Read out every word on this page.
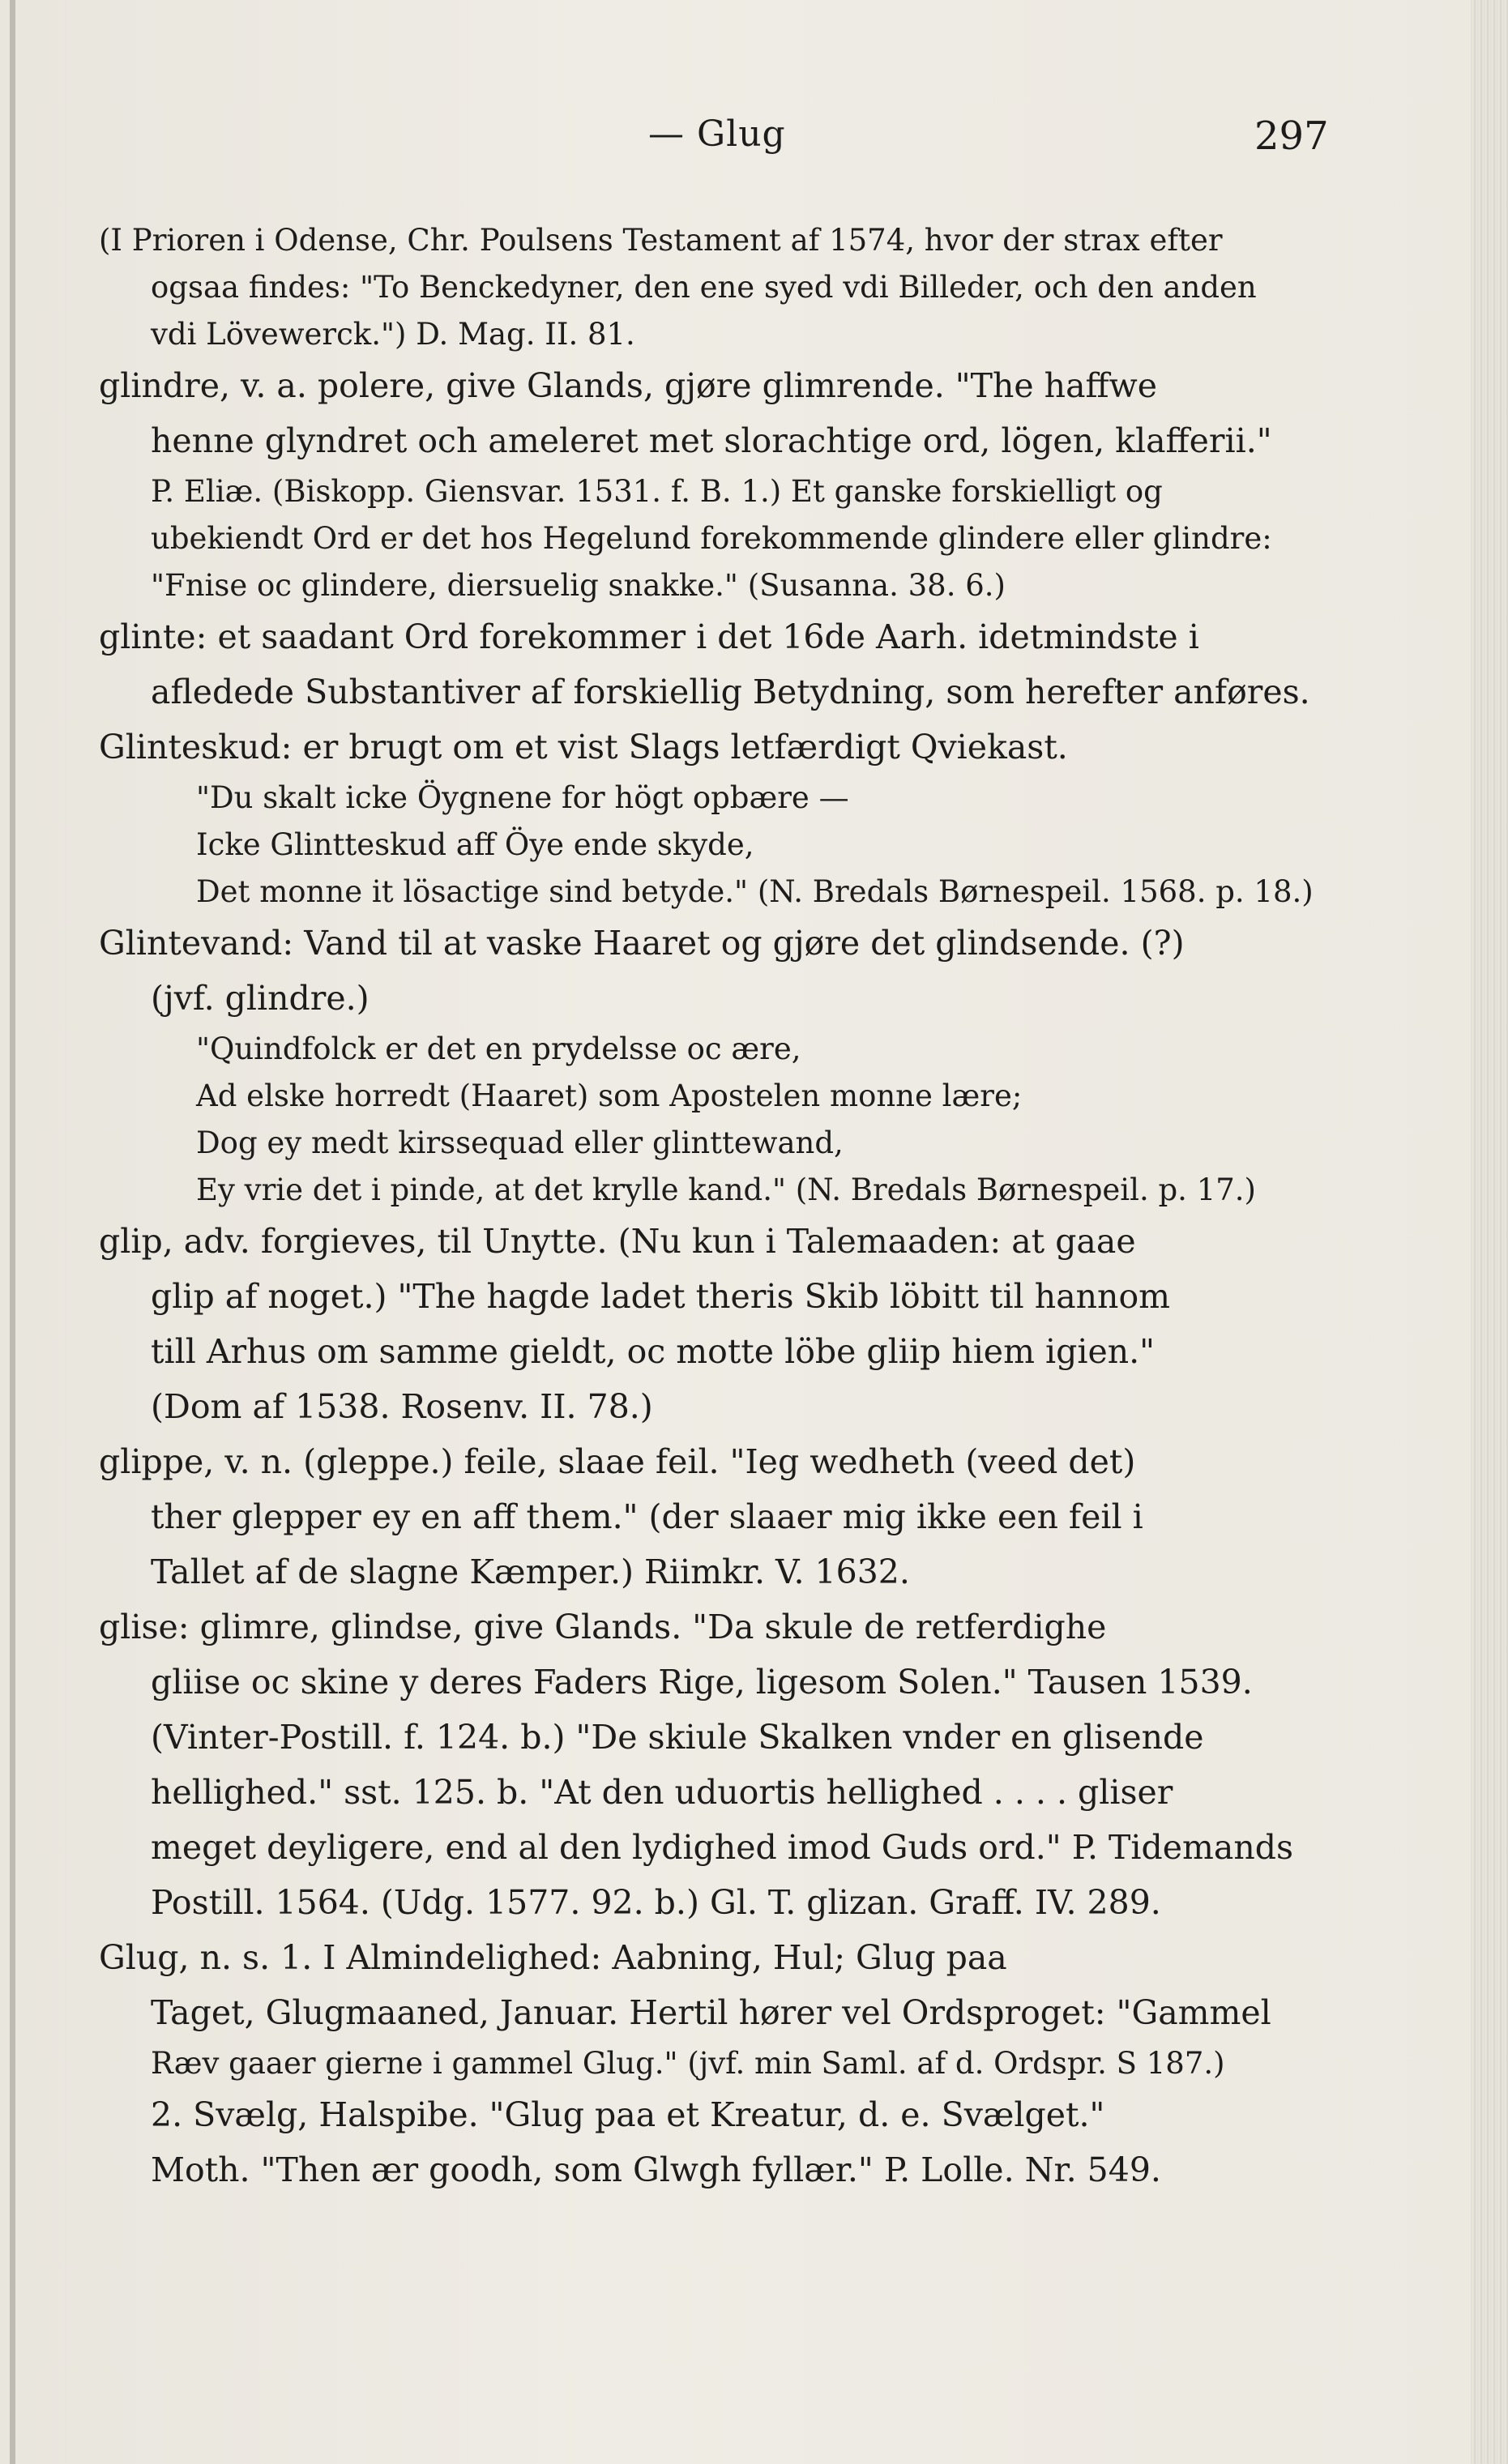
— Glug	297
(I Prioren i Odense, Chr. Poulsens Testament af 1574, hvor der strax efter
ogsaa findes: "To Benckedyner, den ene syed vdi Billeder, och den anden
vdi Lövewerck.") D. Mag. II. 81.
glindre, v. a. polere, give Glands, gjøre glimrende. "The haffwe
henne glyndret och ameleret met slorachtige ord, lögen, klafferii."
P. Eliæ. (Biskopp. Giensvar. 1531. f. B. 1.) Et ganske forskielligt og
ubekiendt Ord er det hos Hegelund forekommende glindere eller glindre:
"Fnise oc glindere, diersuelig snakke." (Susanna. 38. 6.)
glinte: et saadant Ord forekommer i det 16de Aarh. idetmindste i
afledede Substantiver af forskiellig Betydning, som herefter anføres.
Glinteskud: er brugt om et vist Slags letfærdigt Qviekast.
"Du skalt icke Öygnene for högt opbære —
Icke Glintteskud aff Öye ende skyde,
Det monne it lösactige sind betyde." (N. Bredals Børnespeil. 1568. p. 18.)
Glintevand: Vand til at vaske Haaret og gjøre det glindsende. (?)
(jvf. glindre.)
"Quindfolck er det en prydelsse oc ære,
Ad elske horredt (Haaret) som Apostelen monne lære;
Dog ey medt kirssequad eller glinttewand,
Ey vrie det i pinde, at det krylle kand." (N. Bredals Børnespeil. p. 17.)
glip, adv. forgieves, til Unytte. (Nu kun i Talemaaden: at gaae
glip af noget.) "The hagde ladet theris Skib löbitt til hannom
till Arhus om samme gieldt, oc motte löbe gliip hiem igien."
(Dom af 1538. Rosenv. II. 78.)
glippe, v. n. (gleppe.) feile, slaae feil. "Ieg wedheth (veed det)
ther glepper ey en aff them." (der slaaer mig ikke een feil i
Tallet af de slagne Kæmper.) Riimkr. V. 1632.
glise: glimre, glindse, give Glands. "Da skule de retferdighe
gliise oc skine y deres Faders Rige, ligesom Solen." Tausen 1539.
(Vinter-Postill. f. 124. b.) "De skiule Skalken vnder en glisende
hellighed." sst. 125. b. "At den uduortis hellighed . . . . gliser
meget deyligere, end al den lydighed imod Guds ord." P. Tidemands
Postill. 1564. (Udg. 1577. 92. b.) Gl. T. glizan. Graff. IV. 289.
Glug, n. s. 1. I Almindelighed: Aabning, Hul; Glug paa
Taget, Glugmaaned, Januar. Hertil hører vel Ordsproget: "Gammel
Ræv gaaer gierne i gammel Glug." (jvf. min Saml. af d. Ordspr. S 187.)
2. Svælg, Halspibe. "Glug paa et Kreatur, d. e. Svælget."
Moth. "Then ær goodh, som Glwgh fyllær." P. Lolle. Nr. 549.
